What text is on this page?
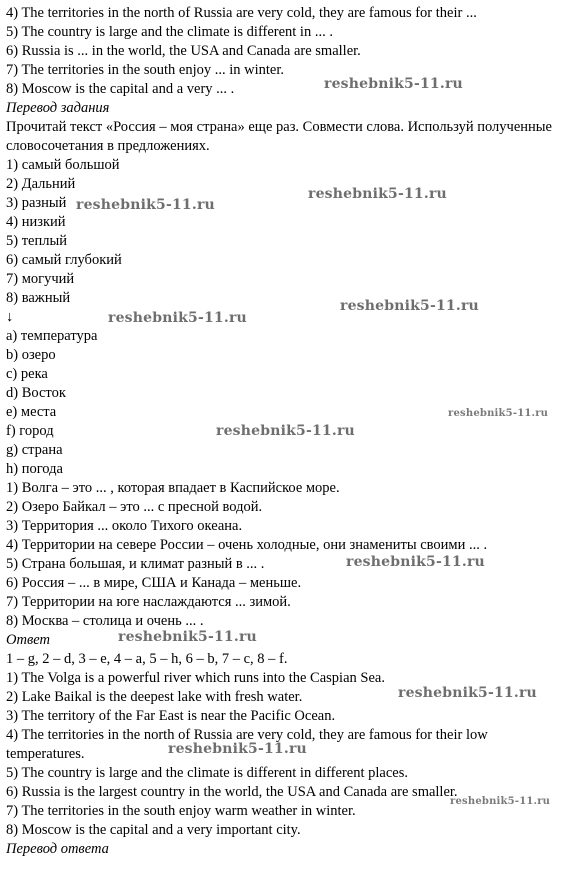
4) The territories in the north of Russia are very cold, they are famous for their ...
5) The country is large and the climate is different in ... .
6) Russia is ... in the world, the USA and Canada are smaller.
7) The territories in the south enjoy ... in winter.
8) Moscow is the capital and a very ... .
Перевод задания
Прочитай текст «Россия – моя страна» еще раз. Совмести слова. Используй полученные словосочетания в предложениях.
1) самый большой
2) Дальний
3) разный
4) низкий
5) теплый
6) самый глубокий
7) могучий
8) важный
↓
a) температура
b) озеро
c) река
d) Восток
e) места
f) город
g) страна
h) погода
1) Волга – это ... , которая впадает в Каспийское море.
2) Озеро Байкал – это ... с пресной водой.
3) Территория ... около Тихого океана.
4) Территории на севере России – очень холодные, они знамениты своими ... .
5) Страна большая, и климат разный в ... .
6) Россия – ... в мире, США и Канада – меньше.
7) Территории на юге наслаждаются ... зимой.
8) Москва – столица и очень ... .
Ответ
1 – g, 2 – d, 3 – e, 4 – a, 5 – h, 6 – b, 7 – c, 8 – f.
1) The Volga is a powerful river which runs into the Caspian Sea.
2) Lake Baikal is the deepest lake with fresh water.
3) The territory of the Far East is near the Pacific Ocean.
4) The territories in the north of Russia are very cold, they are famous for their low temperatures.
5) The country is large and the climate is different in different places.
6) Russia is the largest country in the world, the USA and Canada are smaller.
7) The territories in the south enjoy warm weather in winter.
8) Moscow is the capital and a very important city.
Перевод ответа
reshebnik5-11.ru
reshebnik5-11.ru
reshebnik5-11.ru
reshebnik5-11.ru
reshebnik5-11.ru
reshebnik5-11.ru
reshebnik5-11.ru
reshebnik5-11.ru
reshebnik5-11.ru
reshebnik5-11.ru
reshebnik5-11.ru
reshebnik5-11.ru
